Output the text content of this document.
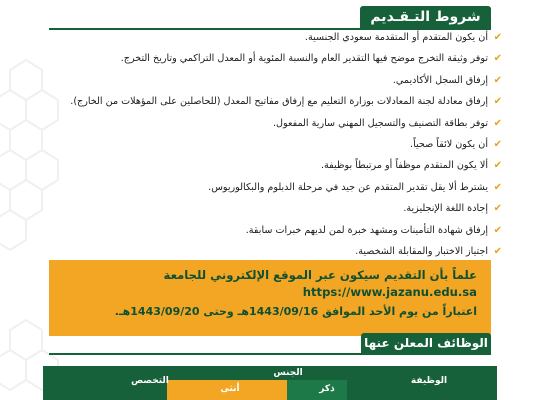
شروط التـقـديم
✔
أن يكون المتقدم أو المتقدمة سعودي الجنسية.
✔
توفر وثيقة التخرج موضح فيها التقدير العام والنسبة المئوية أو المعدل التراكمي وتاريخ التخرج.
✔
إرفاق السجل الأكاديمي.
✔
إرفاق معادلة لجنة المعادلات بوزارة التعليم مع إرفاق مفاتيح المعدل (للحاصلين على المؤهلات من الخارج).
✔
توفر بطاقة التصنيف والتسجيل المهني سارية المفعول.
✔
أن يكون لائقاً صحياً.
✔
ألا يكون المتقدم موظفاً أو مرتبطاً بوظيفة.
✔
يشترط ألا يقل تقدير المتقدم عن جيد في مرحلة الدبلوم والبكالوريوس.
✔
إجادة اللغة الإنجليزية.
✔
إرفاق شهادة التأمينات ومشهد خبرة لمن لديهم خبرات سابقة.
✔
اجتياز الاختبار والمقابلة الشخصية.
علماً بأن التقديم سيكون عبر الموقع الإلكتروني للجامعة
https://www.jazanu.edu.sa
اعتباراً من يوم الأحد الموافق 1443/09/16هـ وحتى 1443/09/20هـ.
الوظائف المعلن عنها
الوظيفة
الجنس
أنثى	ذكر
التخصص
